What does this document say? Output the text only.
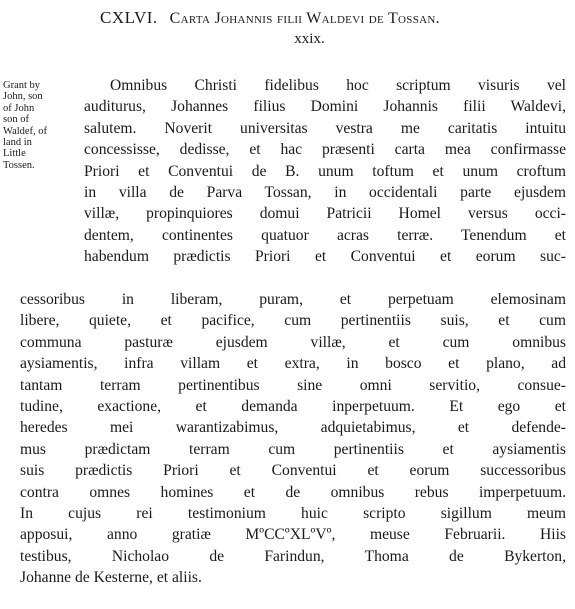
CXLVI. Carta Johannis filii Waldevi de Tossan.
xxix.
Grant by
John, son
of John
son of
Waldef, of
land in
Little
Tossen.
Omnibus Christi fidelibus hoc scriptum visuris vel
auditurus, Johannes filius Domini Johannis filii Waldevi,
salutem. Noverit universitas vestra me caritatis intuitu
concessisse, dedisse, et hac præsenti carta mea confirmasse
Priori et Conventui de B. unum toftum et unum croftum
in villa de Parva Tossan, in occidentali parte ejusdem
villæ, propinquiores domui Patricii Homel versus occi-
dentem, continentes quatuor acras terræ. Tenendum et
habendum prædictis Priori et Conventui et eorum suc-
cessoribus in liberam, puram, et perpetuam elemosinam
libere, quiete, et pacifice, cum pertinentiis suis, et cum
communa pasturæ ejusdem villæ, et cum omnibus
aysiamentis, infra villam et extra, in bosco et plano, ad
tantam terram pertinentibus sine omni servitio, consue-
tudine, exactione, et demanda inperpetuum. Et ego et
heredes mei warantizabimus, adquietabimus, et defende-
mus prædictam terram cum pertinentiis et aysiamentis
suis prædictis Priori et Conventui et eorum successoribus
contra omnes homines et de omnibus rebus imperpetuum.
In cujus rei testimonium huic scripto sigillum meum
apposui, anno gratiæ MºCCºXLºVº, meuse Februarii. Hiis
testibus, Nicholao de Farindun, Thoma de Bykerton,
Johanne de Kesterne, et aliis.
